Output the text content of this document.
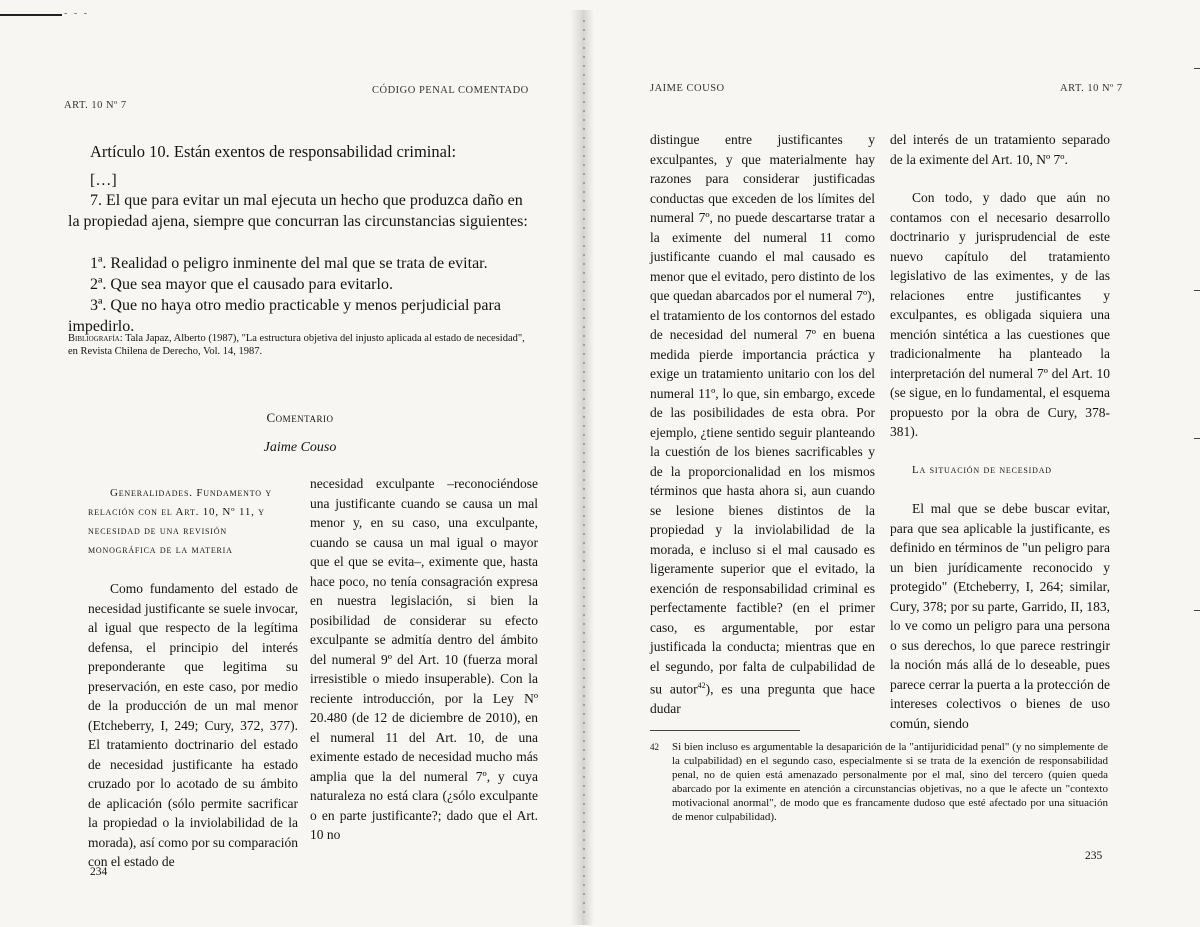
- - -
ART. 10 Nº 7
CÓDIGO PENAL COMENTADO
Artículo 10. Están exentos de responsabilidad criminal:
[…]

7. El que para evitar un mal ejecuta un hecho que produzca daño en la propiedad ajena, siempre que concurran las circunstancias siguientes:

1ª. Realidad o peligro inminente del mal que se trata de evitar.
2ª. Que sea mayor que el causado para evitarlo.
3ª. Que no haya otro medio practicable y menos perjudicial para impedirlo.
Bibliografía: Tala Japaz, Alberto (1987), "La estructura objetiva del injusto aplicada al estado de necesidad", en Revista Chilena de Derecho, Vol. 14, 1987.
Comentario
Jaime Couso

Generalidades. Fundamento y relación con el Art. 10, Nº 11, y necesidad de una revisión monográfica de la materia

Como fundamento del estado de necesidad justificante se suele invocar, al igual que respecto de la legítima defensa, el principio del interés preponderante que legitima su preservación, en este caso, por medio de la producción de un mal menor (Etcheberry, I, 249; Cury, 372, 377). El tratamiento doctrinario del estado de necesidad justificante ha estado cruzado por lo acotado de su ámbito de aplicación (sólo permite sacrificar la propiedad o la inviolabilidad de la morada), así como por su comparación con el estado de

necesidad exculpante –reconociéndose una justificante cuando se causa un mal menor y, en su caso, una exculpante, cuando se causa un mal igual o mayor que el que se evita–, eximente que, hasta hace poco, no tenía consagración expresa en nuestra legislación, si bien la posibilidad de considerar su efecto exculpante se admitía dentro del ámbito del numeral 9º del Art. 10 (fuerza moral irresistible o miedo insuperable). Con la reciente introducción, por la Ley Nº 20.480 (de 12 de diciembre de 2010), en el numeral 11 del Art. 10, de una eximente estado de necesidad mucho más amplia que la del numeral 7º, y cuya naturaleza no está clara (¿sólo exculpante o en parte justificante?; dado que el Art. 10 no

234
JAIME COUSO	ART. 10 Nº 7

distingue entre justificantes y exculpantes, y que materialmente hay razones para considerar justificadas conductas que exceden de los límites del numeral 7º, no puede descartarse tratar a la eximente del numeral 11 como justificante cuando el mal causado es menor que el evitado, pero distinto de los que quedan abarcados por el numeral 7º), el tratamiento de los contornos del estado de necesidad del numeral 7º en buena medida pierde importancia práctica y exige un tratamiento unitario con los del numeral 11º, lo que, sin embargo, excede de las posibilidades de esta obra. Por ejemplo, ¿tiene sentido seguir planteando la cuestión de los bienes sacrificables y de la proporcionalidad en los mismos términos que hasta ahora si, aun cuando se lesione bienes distintos de la propiedad y la inviolabilidad de la morada, e incluso si el mal causado es ligeramente superior que el evitado, la exención de responsabilidad criminal es perfectamente factible? (en el primer caso, es argumentable, por estar justificada la conducta; mientras que en el segundo, por falta de culpabilidad de su autor$^{42}$), es una pregunta que hace dudar

del interés de un tratamiento separado de la eximente del Art. 10, Nº 7º.

Con todo, y dado que aún no contamos con el necesario desarrollo doctrinario y jurisprudencial de este nuevo capítulo del tratamiento legislativo de las eximentes, y de las relaciones entre justificantes y exculpantes, es obligada siquiera una mención sintética a las cuestiones que tradicionalmente ha planteado la interpretación del numeral 7º del Art. 10 (se sigue, en lo fundamental, el esquema propuesto por la obra de Cury, 378-381).

La situación de necesidad

El mal que se debe buscar evitar, para que sea aplicable la justificante, es definido en términos de "un peligro para un bien jurídicamente reconocido y protegido" (Etcheberry, I, 264; similar, Cury, 378; por su parte, Garrido, II, 183, lo ve como un peligro para una persona o sus derechos, lo que parece restringir la noción más allá de lo deseable, pues parece cerrar la puerta a la protección de intereses colectivos o bienes de uso común, siendo

42 Si bien incluso es argumentable la desaparición de la "antijuridicidad penal" (y no simplemente de la culpabilidad) en el segundo caso, especialmente si se trata de la exención de responsabilidad penal, no de quien está amenazado personalmente por el mal, sino del tercero (quien queda abarcado por la eximente en atención a circunstancias objetivas, no a que le afecte un "contexto motivacional anormal", de modo que es francamente dudoso que esté afectado por una situación de menor culpabilidad).
235
